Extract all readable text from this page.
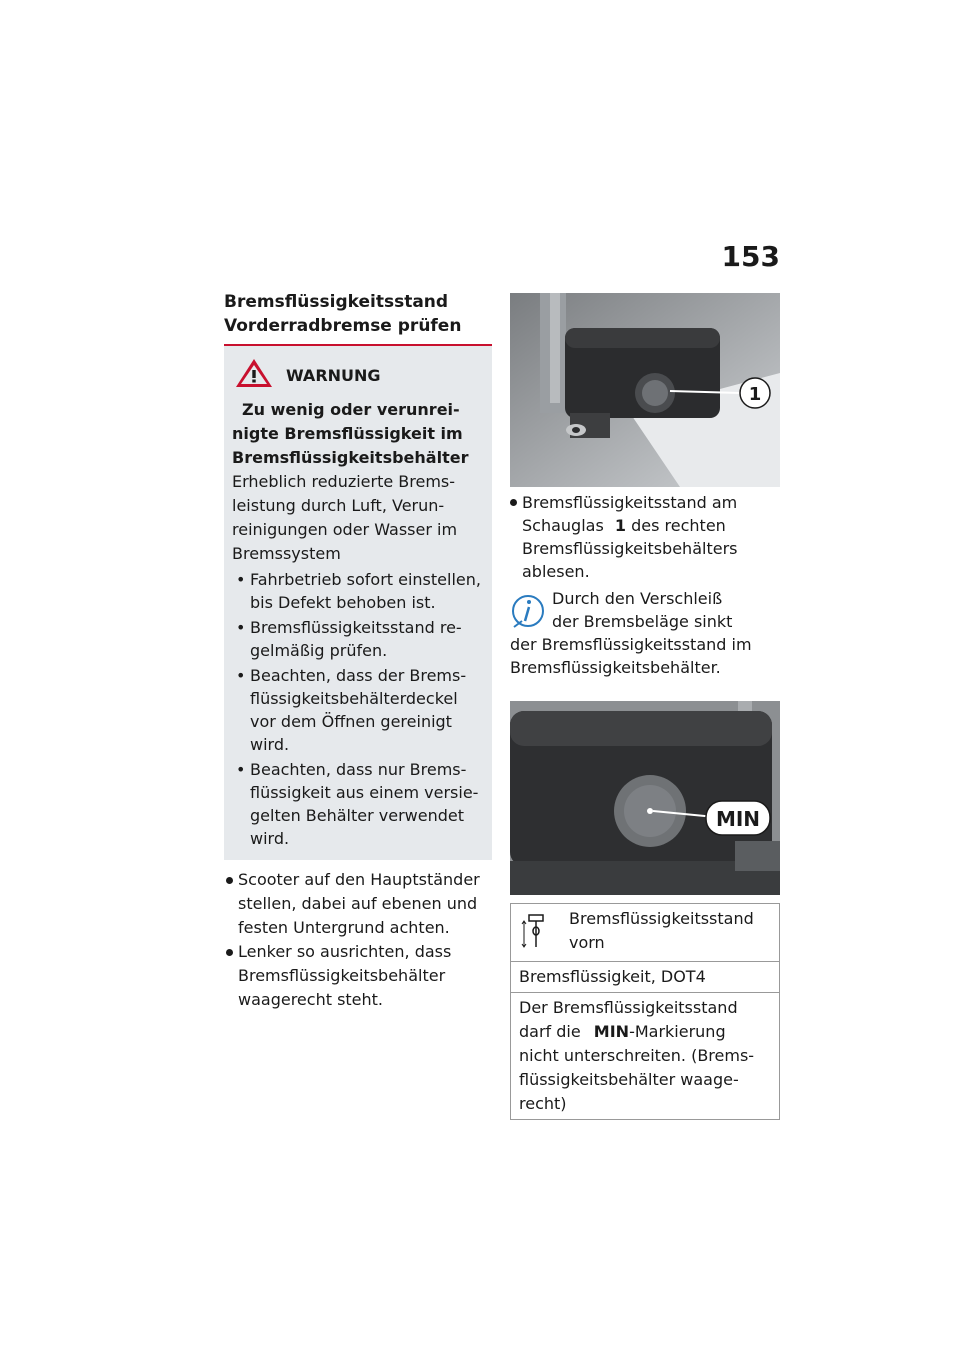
153
Bremsflüssigkeitsstand
Vorderradbremse prüfen
WARNUNG
Zu wenig oder verunrei-
nigte Bremsflüssigkeit im
Bremsflüssigkeitsbehälter
Erheblich reduzierte Brems-
leistung durch Luft, Verun-
reinigungen oder Wasser im
Bremssystem
• Fahrbetrieb sofort einstellen,
bis Defekt behoben ist.
• Bremsflüssigkeitsstand re-
gelmäßig prüfen.
• Beachten, dass der Brems-
flüssigkeitsbehälterdeckel
vor dem Öffnen gereinigt
wird.
• Beachten, dass nur Brems-
flüssigkeit aus einem versie-
gelten Behälter verwendet
wird.
Scooter auf den Hauptständer
stellen, dabei auf ebenen und
festen Untergrund achten.
Lenker so ausrichten, dass
Bremsflüssigkeitsbehälter
waagerecht steht.
1
Bremsflüssigkeitsstand am
Schauglas 1 des rechten
Bremsflüssigkeitsbehälters
ablesen.
Durch den Verschleiß
der Bremsbeläge sinkt
der Bremsflüssigkeitsstand im
Bremsflüssigkeitsbehälter.
MIN
Bremsflüssigkeitsstand
vorn
Bremsflüssigkeit, DOT4
Der Bremsflüssigkeitsstand
darf die MIN-Markierung
nicht unterschreiten. (Brems-
flüssigkeitsbehälter waage-
recht)
